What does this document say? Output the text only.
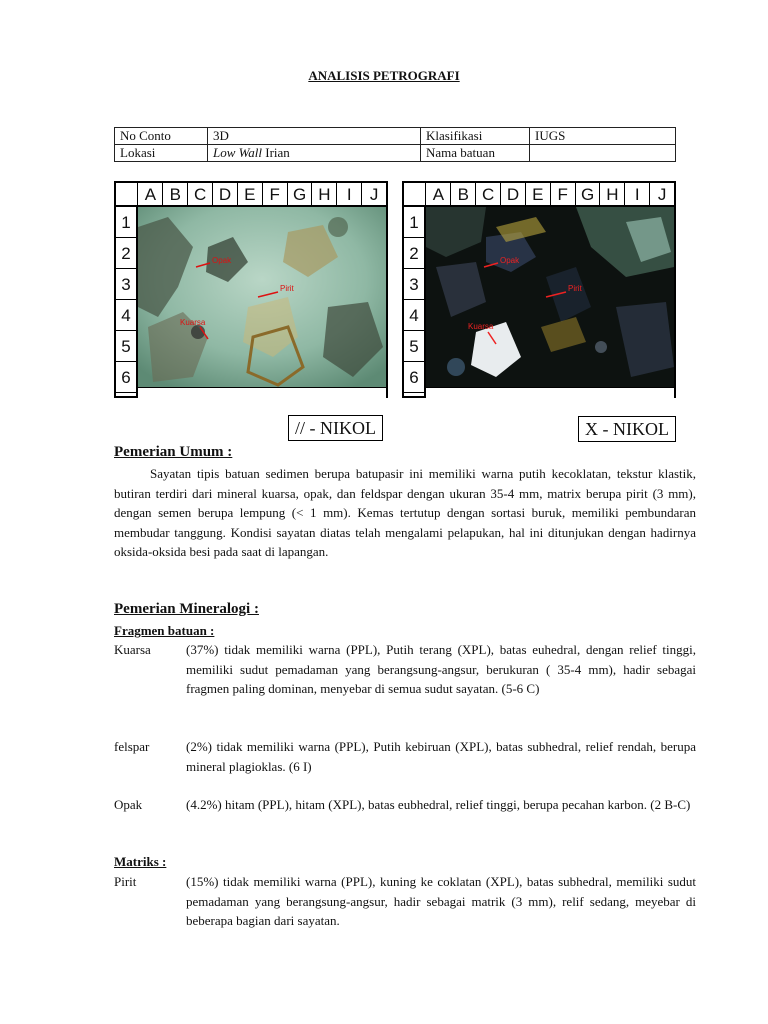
ANALISIS PETROGRAFI
No Conto	3D	Klasifikasi	IUGS
Lokasi	Low Wall Irian	Nama batuan	
A B C D E F G H I	J
1
2
3
4
5
6
Opak
Pirit
Kuarsa
A B C D E F G H I	J
1
2
3
4
5
6
Opak
Pirit
Kuarsa
// - NIKOL	X - NIKOL
Pemerian Umum :
Sayatan tipis batuan sedimen berupa batupasir ini memiliki warna putih kecoklatan, tekstur klastik, butiran terdiri dari mineral kuarsa, opak, dan feldspar dengan ukuran 35-4 mm, matrix berupa pirit (3 mm), dengan semen berupa lempung (< 1 mm). Kemas tertutup dengan sortasi buruk, memiliki pembundaran membudar tanggung. Kondisi sayatan diatas telah mengalami pelapukan, hal ini ditunjukan dengan hadirnya oksida-oksida besi pada saat di lapangan.
Pemerian Mineralogi :
Fragmen batuan :
Kuarsa	(37%) tidak memiliki warna (PPL), Putih terang (XPL), batas euhedral, dengan relief tinggi, memiliki sudut pemadaman yang berangsung-angsur, berukuran ( 35-4 mm), hadir sebagai fragmen paling dominan, menyebar di semua sudut sayatan. (5-6 C)
felspar	(2%) tidak memiliki warna (PPL), Putih kebiruan (XPL), batas subhedral, relief rendah, berupa mineral plagioklas. (6 I)
Opak	(4.2%) hitam (PPL), hitam (XPL), batas eubhedral, relief tinggi, berupa pecahan karbon. (2 B-C)
Matriks :
Pirit	(15%) tidak memiliki warna (PPL), kuning ke coklatan (XPL), batas subhedral, memiliki sudut pemadaman yang berangsung-angsur, hadir sebagai matrik (3 mm), relif sedang, meyebar di beberapa bagian dari sayatan.
